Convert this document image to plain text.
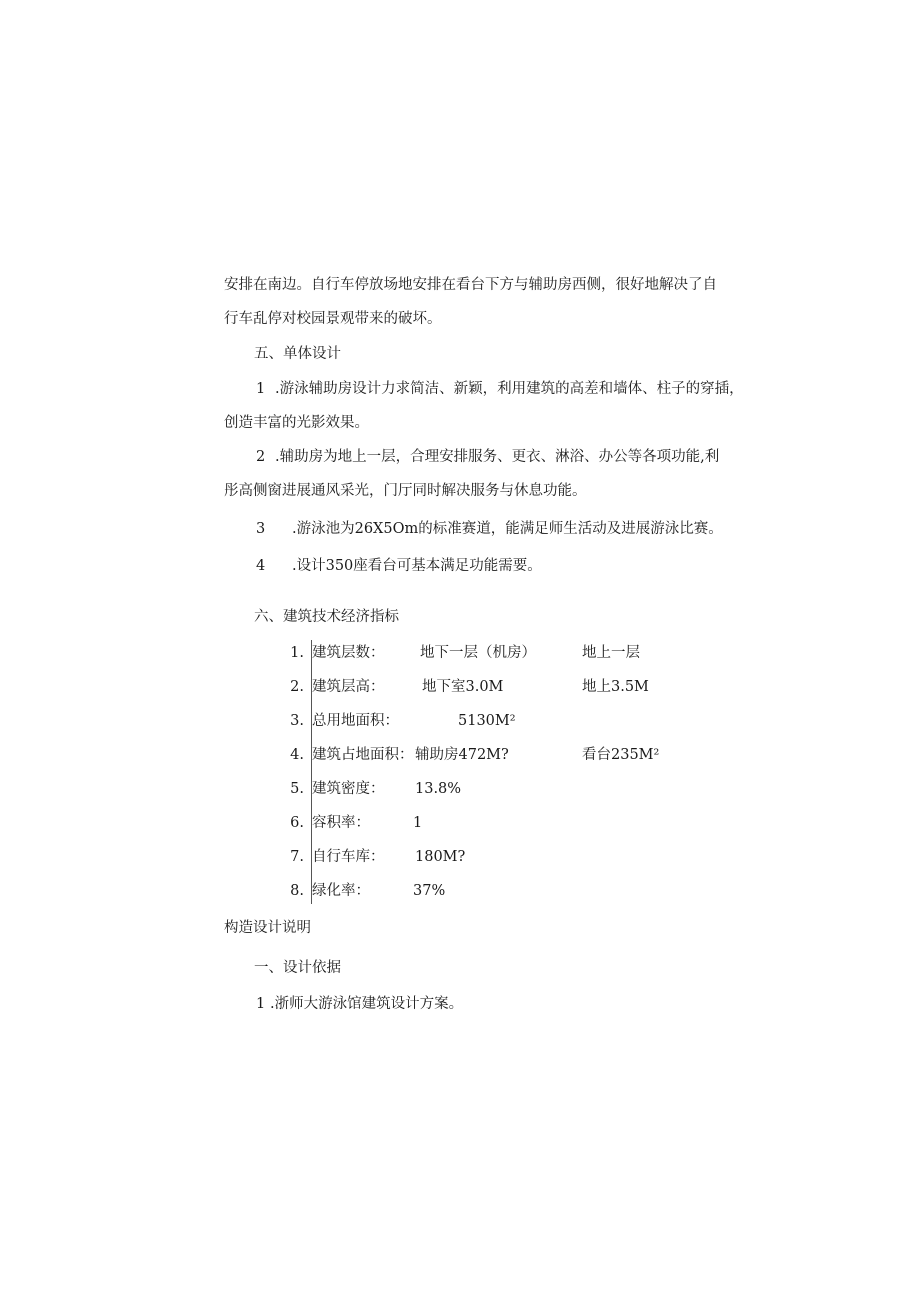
安排在南边。自行车停放场地安排在看台下方与辅助房西侧，很好地解决了自
行车乱停对校园景观带来的破坏。
五、单体设计
1 .游泳辅助房设计力求简洁、新颖，利用建筑的高差和墙体、柱子的穿插，
创造丰富的光影效果。
2 .辅助房为地上一层，合理安排服务、更衣、淋浴、办公等各项功能,利
彤高侧窗进展通风采光，门厅同时解决服务与休息功能。
3 .游泳池为26X5Om的标准赛道，能满足师生活动及进展游泳比赛。
4 .设计350座看台可基本满足功能需要。
六、建筑技术经济指标
1. 建筑层数： 地下一层（机房）	地上一层
2. 建筑层高：	地下室3.0M	地上3.5M
3. 总用地面积：	5130M²
4. 建筑占地面积： 辅助房472M?	看台235M²
5. 建筑密度： 13.8%
6. 容积率：	1
7. 自行车库： 180M?
8. 绿化率：	37%
构造设计说明
一、设计依据
1 .浙师大游泳馆建筑设计方案。
